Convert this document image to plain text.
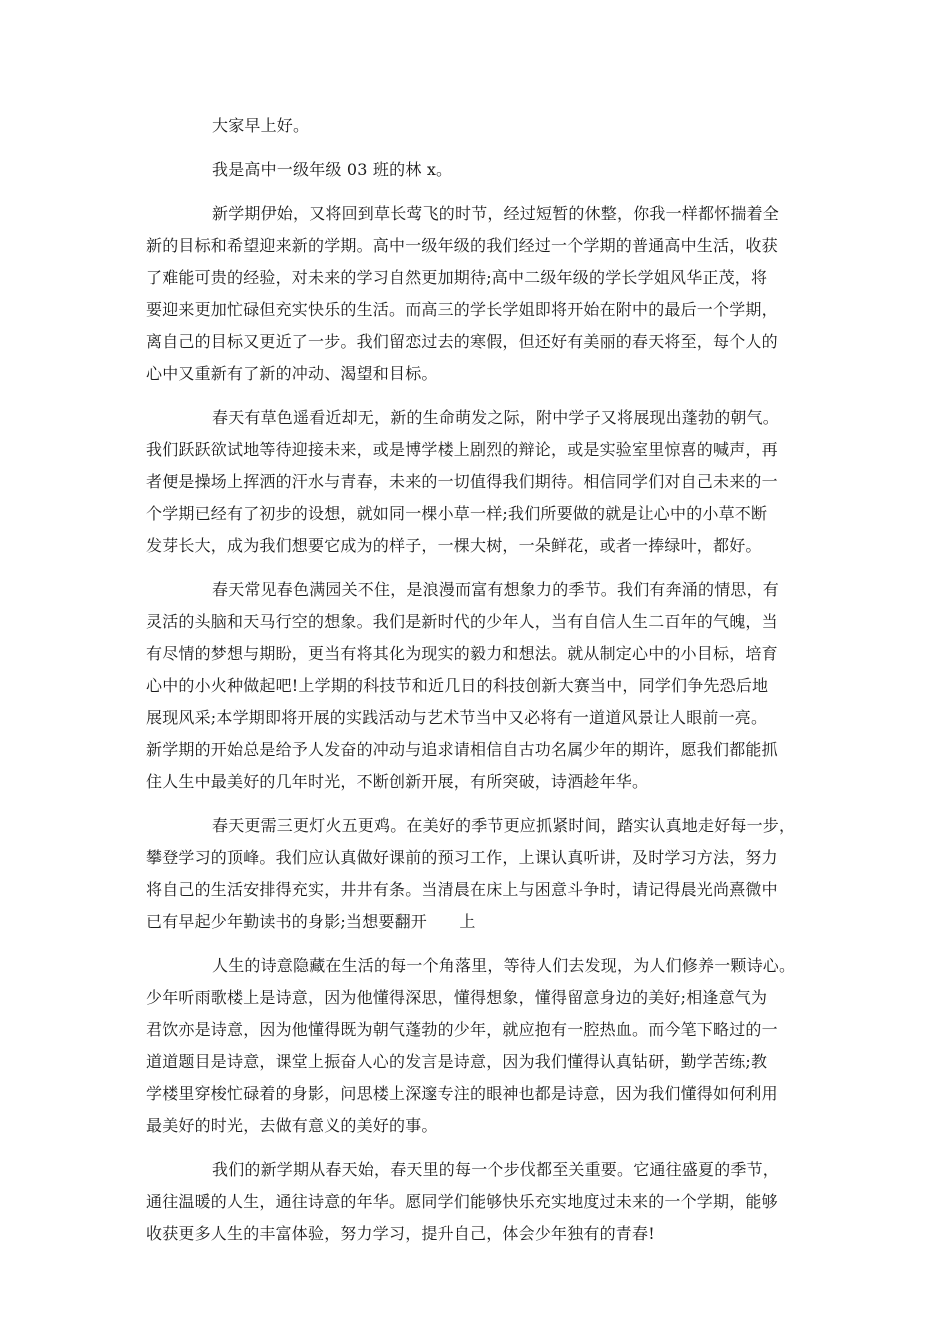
大家早上好。
我是高中一级年级 03 班的林 x。
新学期伊始，又将回到草长莺飞的时节，经过短暂的休整，你我一样都怀揣着全
新的目标和希望迎来新的学期。高中一级年级的我们经过一个学期的普通高中生活，收获
了难能可贵的经验，对未来的学习自然更加期待;高中二级年级的学长学姐风华正茂，将
要迎来更加忙碌但充实快乐的生活。而高三的学长学姐即将开始在附中的最后一个学期，
离自己的目标又更近了一步。我们留恋过去的寒假，但还好有美丽的春天将至，每个人的
心中又重新有了新的冲动、渴望和目标。
春天有草色遥看近却无，新的生命萌发之际，附中学子又将展现出蓬勃的朝气。
我们跃跃欲试地等待迎接未来，或是博学楼上剧烈的辩论，或是实验室里惊喜的喊声，再
者便是操场上挥洒的汗水与青春，未来的一切值得我们期待。相信同学们对自己未来的一
个学期已经有了初步的设想，就如同一棵小草一样;我们所要做的就是让心中的小草不断
发芽长大，成为我们想要它成为的样子，一棵大树，一朵鲜花，或者一捧绿叶，都好。
春天常见春色满园关不住，是浪漫而富有想象力的季节。我们有奔涌的情思，有
灵活的头脑和天马行空的想象。我们是新时代的少年人，当有自信人生二百年的气魄，当
有尽情的梦想与期盼，更当有将其化为现实的毅力和想法。就从制定心中的小目标，培育
心中的小火种做起吧!上学期的科技节和近几日的科技创新大赛当中，同学们争先恐后地
展现风采;本学期即将开展的实践活动与艺术节当中又必将有一道道风景让人眼前一亮。
新学期的开始总是给予人发奋的冲动与追求请相信自古功名属少年的期许，愿我们都能抓
住人生中最美好的几年时光，不断创新开展，有所突破，诗酒趁年华。
春天更需三更灯火五更鸡。在美好的季节更应抓紧时间，踏实认真地走好每一步，
攀登学习的顶峰。我们应认真做好课前的预习工作，上课认真听讲，及时学习方法，努力
将自己的生活安排得充实，井井有条。当清晨在床上与困意斗争时，请记得晨光尚熹微中
已有早起少年勤读书的身影;当想要翻开　　上
人生的诗意隐藏在生活的每一个角落里，等待人们去发现，为人们修养一颗诗心。
少年听雨歌楼上是诗意，因为他懂得深思，懂得想象，懂得留意身边的美好;相逢意气为
君饮亦是诗意，因为他懂得既为朝气蓬勃的少年，就应抱有一腔热血。而今笔下略过的一
道道题目是诗意，课堂上振奋人心的发言是诗意，因为我们懂得认真钻研，勤学苦练;教
学楼里穿梭忙碌着的身影，问思楼上深邃专注的眼神也都是诗意，因为我们懂得如何利用
最美好的时光，去做有意义的美好的事。
我们的新学期从春天始，春天里的每一个步伐都至关重要。它通往盛夏的季节，
通往温暖的人生，通往诗意的年华。愿同学们能够快乐充实地度过未来的一个学期，能够
收获更多人生的丰富体验，努力学习，提升自己，体会少年独有的青春!
